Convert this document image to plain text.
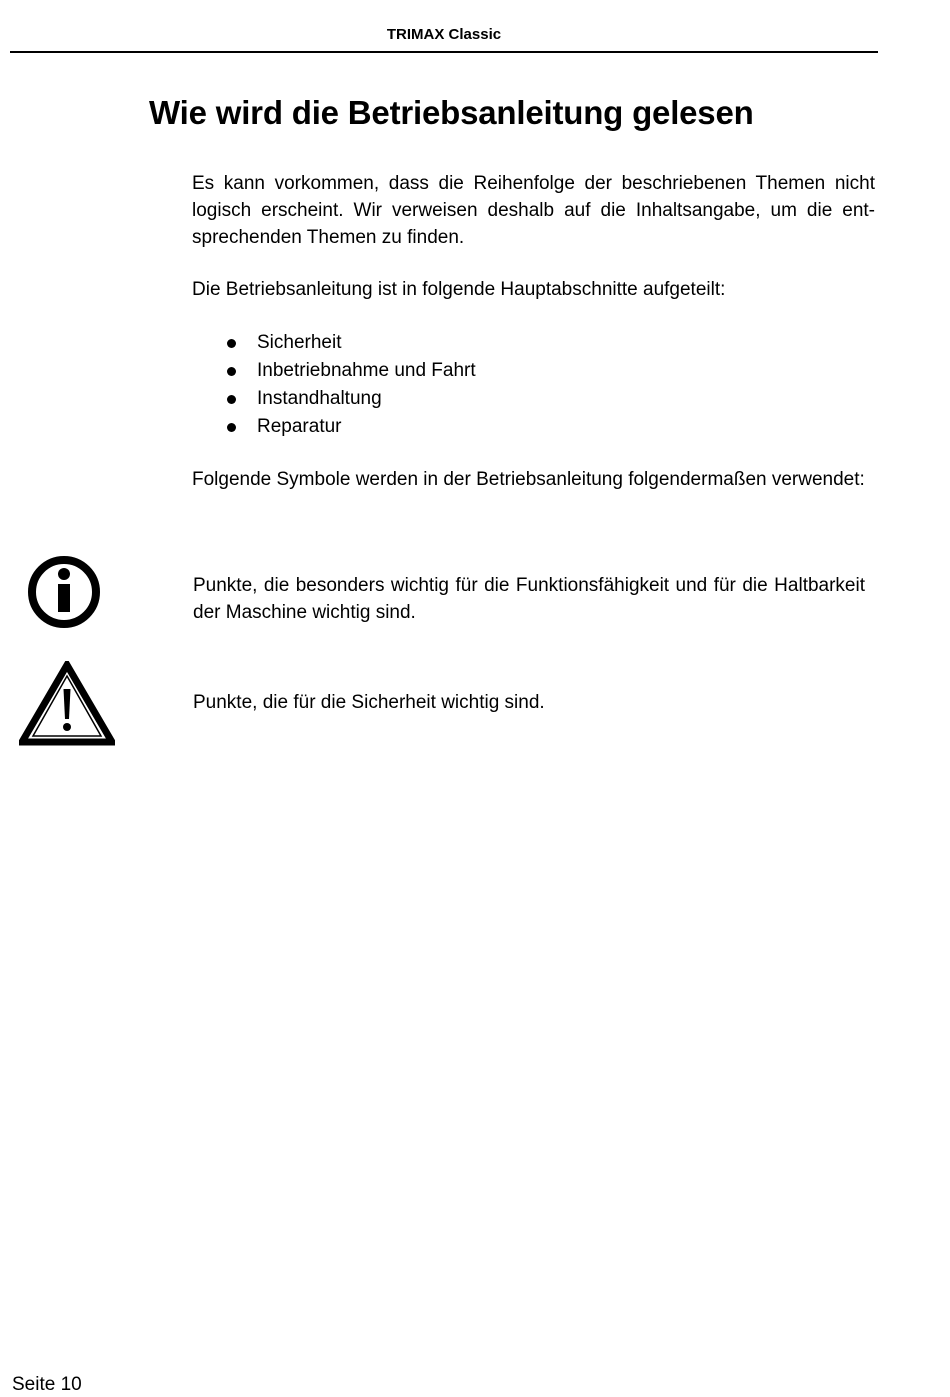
TRIMAX Classic
Wie wird die Betriebsanleitung gelesen

Es kann vorkommen, dass die Reihenfolge der beschriebenen Themen nicht logisch erscheint. Wir verweisen deshalb auf die Inhaltsangabe, um die entsprechenden Themen zu finden.

Die Betriebsanleitung ist in folgende Hauptabschnitte aufgeteilt:

Sicherheit
Inbetriebnahme und Fahrt
Instandhaltung
Reparatur

Folgende Symbole werden in der Betriebsanleitung folgendermaßen verwendet:

Punkte, die besonders wichtig für die Funktionsfähigkeit und für die Haltbarkeit der Maschine wichtig sind.

Punkte, die für die Sicherheit wichtig sind.

Seite 10
